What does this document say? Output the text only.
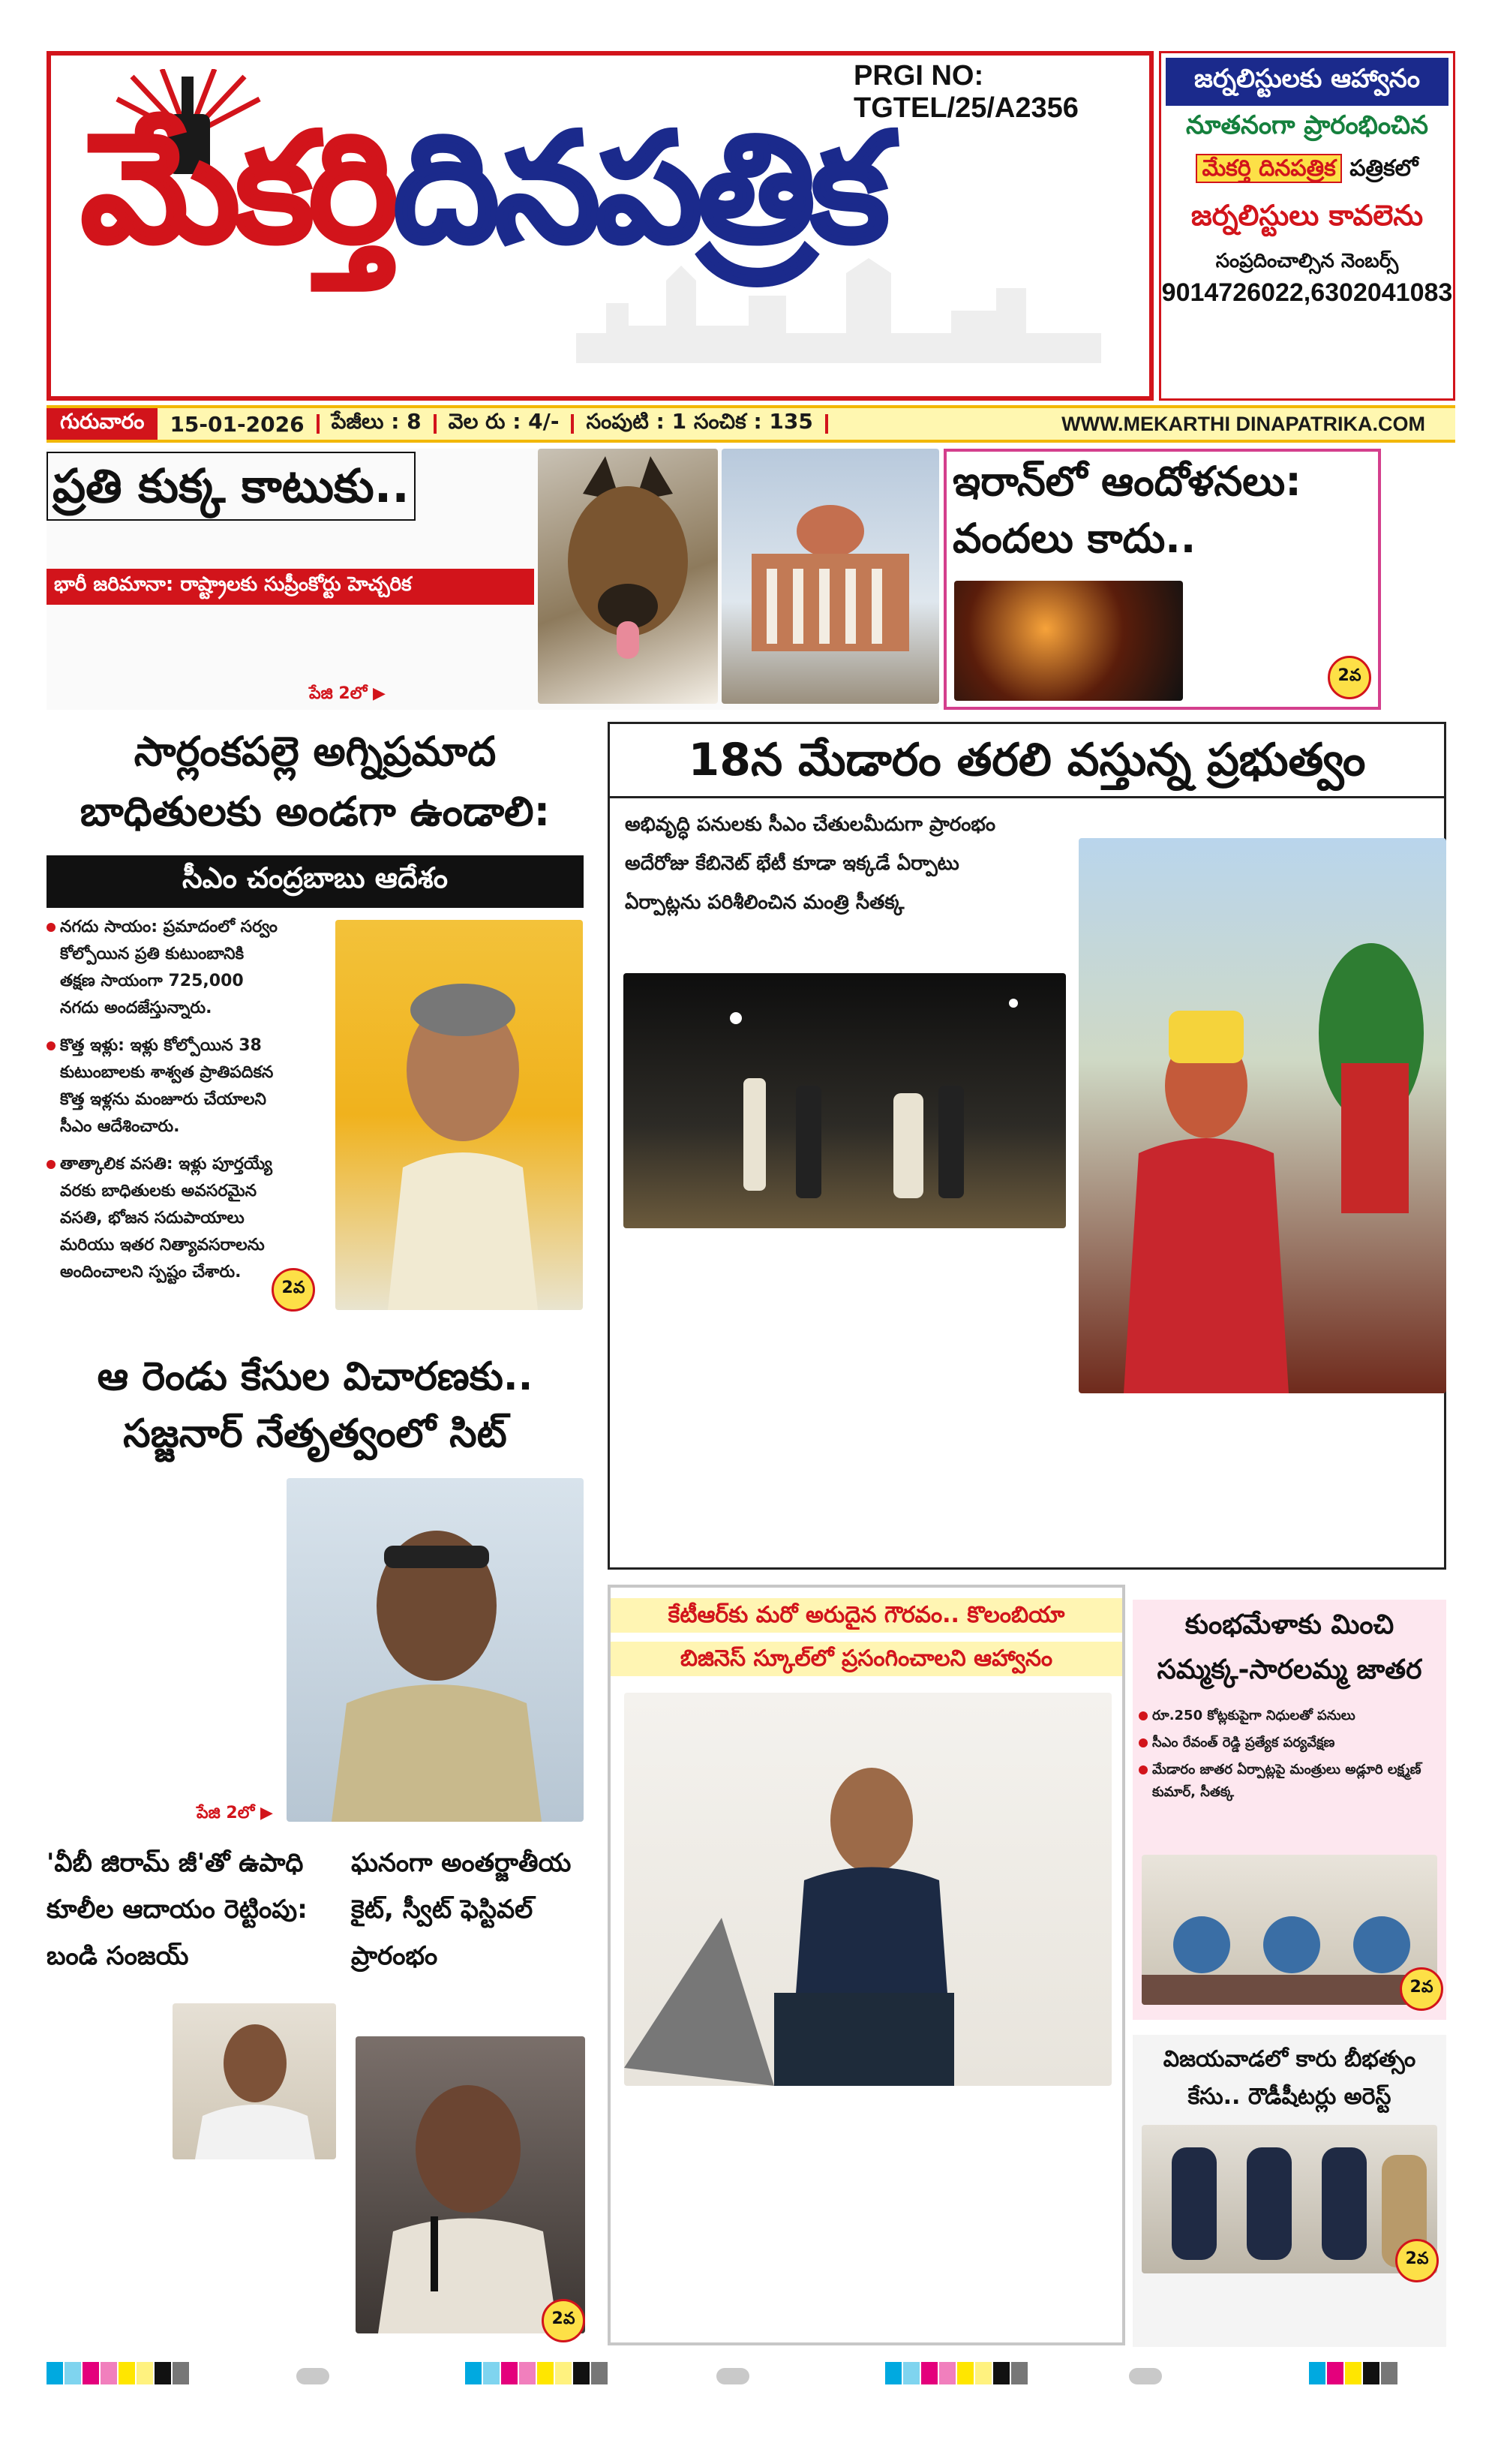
PRGI NO: TGTEL/25/A2356
మేకర్తిదినపత్రిక
జర్నలిస్టులకు ఆహ్వానం
నూతనంగా ప్రారంభించిన
మేకర్తి దినపత్రిక పత్రికలో
జర్నలిస్టులు కావలెను
సంప్రదించాల్సిన నెంబర్స్
9014726022,6302041083
గురువారం	15-01-2026	పేజీలు : 8	వెల రు : 4/-	సంపుటి : 1 సంచిక : 135	WWW.MEKARTHI DINAPATRIKA.COM
ప్రతి కుక్క కాటుకు..
భారీ జరిమానా: రాష్ట్రాలకు సుప్రీంకోర్టు హెచ్చరిక
పేజి 2లో ▶
ఇరాన్‌లో ఆందోళనలు:
వందలు కాదు..
2వ
సార్లంకపల్లె అగ్నిప్రమాద
బాధితులకు అండగా ఉండాలి:
సీఎం చంద్రబాబు ఆదేశం
నగదు సాయం: ప్రమాదంలో సర్వం కోల్పోయిన ప్రతి కుటుంబానికి తక్షణ సాయంగా 725,000 నగదు అందజేస్తున్నారు.
కొత్త ఇళ్లు: ఇళ్లు కోల్పోయిన 38 కుటుంబాలకు శాశ్వత ప్రాతిపదికన కొత్త ఇళ్లను మంజూరు చేయాలని సీఎం ఆదేశించారు.
తాత్కాలిక వసతి: ఇళ్లు పూర్తయ్యే వరకు బాధితులకు అవసరమైన వసతి, భోజన సదుపాయాలు మరియు ఇతర నిత్యావసరాలను అందించాలని స్పష్టం చేశారు.
2వ
18న మేడారం తరలి వస్తున్న ప్రభుత్వం
అభివృద్ధి పనులకు సీఎం చేతులమీదుగా ప్రారంభం
అదేరోజు కేబినెట్ భేటీ కూడా ఇక్కడే ఏర్పాటు
ఏర్పాట్లను పరిశీలించిన మంత్రి సీతక్క
ఆ రెండు కేసుల విచారణకు..
సజ్జనార్ నేతృత్వంలో సిట్
పేజి 2లో ▶
కేటీఆర్‌కు మరో అరుదైన గౌరవం.. కొలంబియా
బిజినెస్ స్కూల్‌లో ప్రసంగించాలని ఆహ్వానం
కుంభమేళాకు మించి
సమ్మక్క-సారలమ్మ జాతర
రూ.250 కోట్లకుపైగా నిధులతో పనులు
సీఎం రేవంత్ రెడ్డి ప్రత్యేక పర్యవేక్షణ
మేడారం జాతర ఏర్పాట్లపై మంత్రులు అడ్లూరి లక్ష్మణ్ కుమార్, సీతక్క
2వ
'వీబీ జిరామ్ జీ'తో ఉపాధి కూలీల ఆదాయం రెట్టింపు: బండి సంజయ్
ఘనంగా అంతర్జాతీయ కైట్, స్వీట్ ఫెస్టివల్ ప్రారంభం
2వ
విజయవాడలో కారు బీభత్సం
కేసు.. రౌడీషీటర్లు అరెస్ట్
2వ
